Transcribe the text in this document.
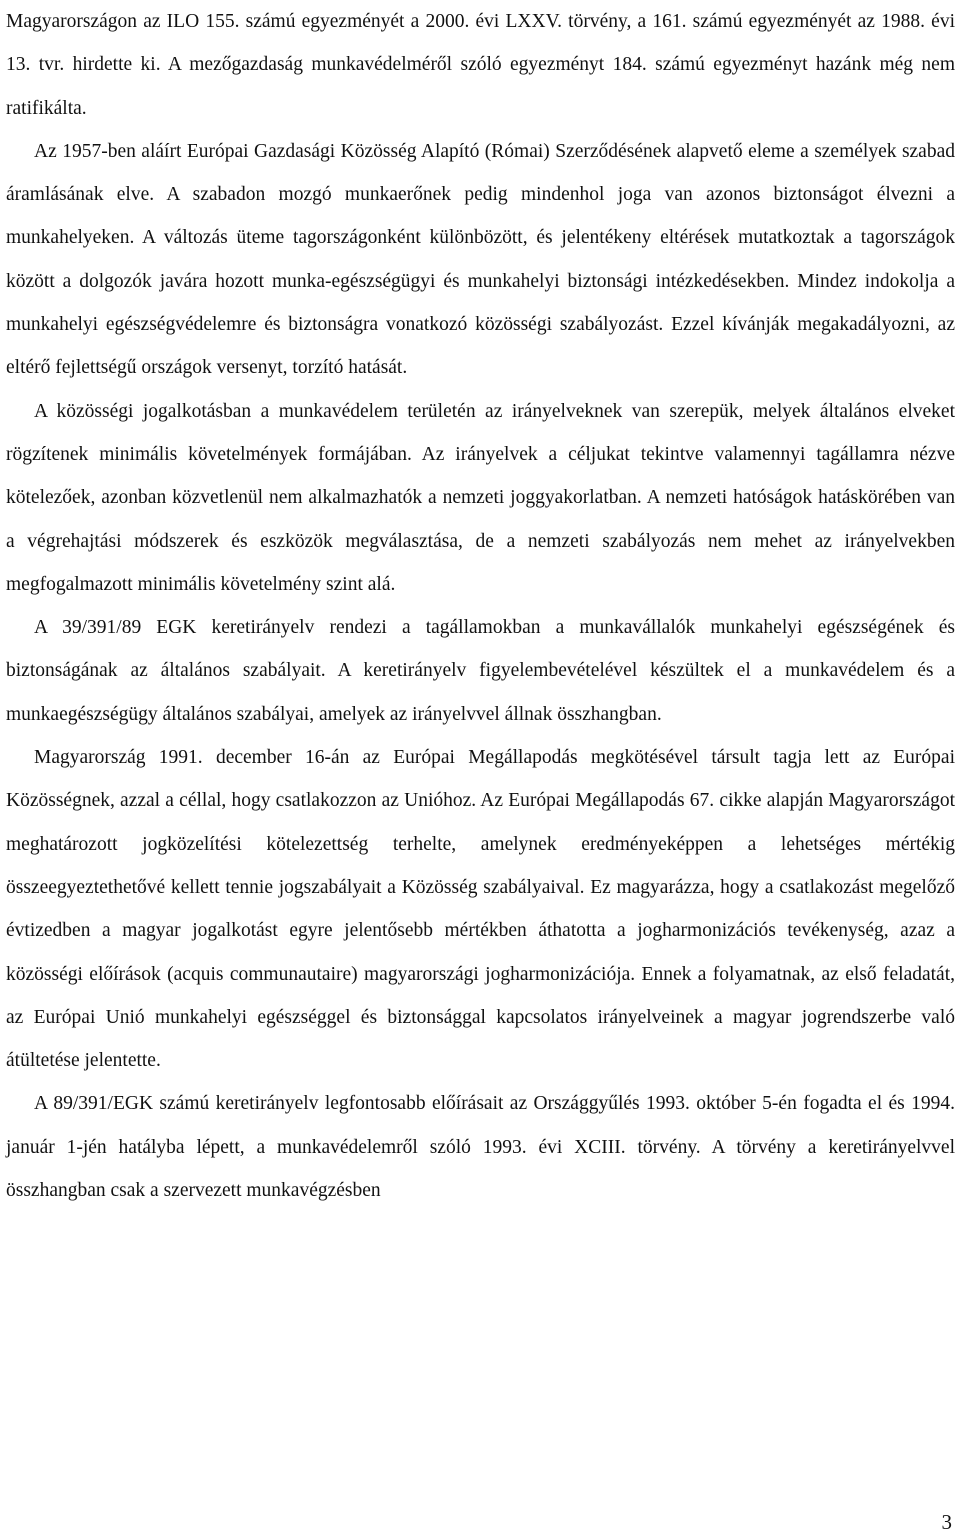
Magyarországon az ILO 155. számú egyezményét a 2000. évi LXXV. törvény, a 161. számú egyezményét az 1988. évi 13. tvr. hirdette ki. A mezőgazdaság munkavédelméről szóló egyezményt 184. számú egyezményt hazánk még nem ratifikálta.

Az 1957-ben aláírt Európai Gazdasági Közösség Alapító (Római) Szerződésének alapvető eleme a személyek szabad áramlásának elve. A szabadon mozgó munkaerőnek pedig mindenhol joga van azonos biztonságot élvezni a munkahelyeken. A változás üteme tagországonként különbözött, és jelentékeny eltérések mutatkoztak a tagországok között a dolgozók javára hozott munka-egészségügyi és munkahelyi biztonsági intézkedésekben. Mindez indokolja a munkahelyi egészségvédelemre és biztonságra vonatkozó közösségi szabályozást. Ezzel kívánják megakadályozni, az eltérő fejlettségű országok versenyt, torzító hatását.

A közösségi jogalkotásban a munkavédelem területén az irányelveknek van szerepük, melyek általános elveket rögzítenek minimális követelmények formájában. Az irányelvek a céljukat tekintve valamennyi tagállamra nézve kötelezőek, azonban közvetlenül nem alkalmazhatók a nemzeti joggyakorlatban. A nemzeti hatóságok hatáskörében van a végrehajtási módszerek és eszközök megválasztása, de a nemzeti szabályozás nem mehet az irányelvekben megfogalmazott minimális követelmény szint alá.

A 39/391/89 EGK keretirányelv rendezi a tagállamokban a munkavállalók munkahelyi egészségének és biztonságának az általános szabályait. A keretirányelv figyelembevételével készültek el a munkavédelem és a munkaegészségügy általános szabályai, amelyek az irányelvvel állnak összhangban.

Magyarország 1991. december 16-án az Európai Megállapodás megkötésével társult tagja lett az Európai Közösségnek, azzal a céllal, hogy csatlakozzon az Unióhoz. Az Európai Megállapodás 67. cikke alapján Magyarországot meghatározott jogközelítési kötelezettség terhelte, amelynek eredményeképpen a lehetséges mértékig összeegyeztethetővé kellett tennie jogszabályait a Közösség szabályaival. Ez magyarázza, hogy a csatlakozást megelőző évtizedben a magyar jogalkotást egyre jelentősebb mértékben áthatotta a jogharmonizációs tevékenység, azaz a közösségi előírások (acquis communautaire) magyarországi jogharmonizációja. Ennek a folyamatnak, az első feladatát, az Európai Unió munkahelyi egészséggel és biztonsággal kapcsolatos irányelveinek a magyar jogrendszerbe való átültetése jelentette.

A 89/391/EGK számú keretirányelv legfontosabb előírásait az Országgyűlés 1993. október 5-én fogadta el és 1994. január 1-jén hatályba lépett, a munkavédelemről szóló 1993. évi XCIII. törvény. A törvény a keretirányelvvel összhangban csak a szervezett munkavégzésben

3
